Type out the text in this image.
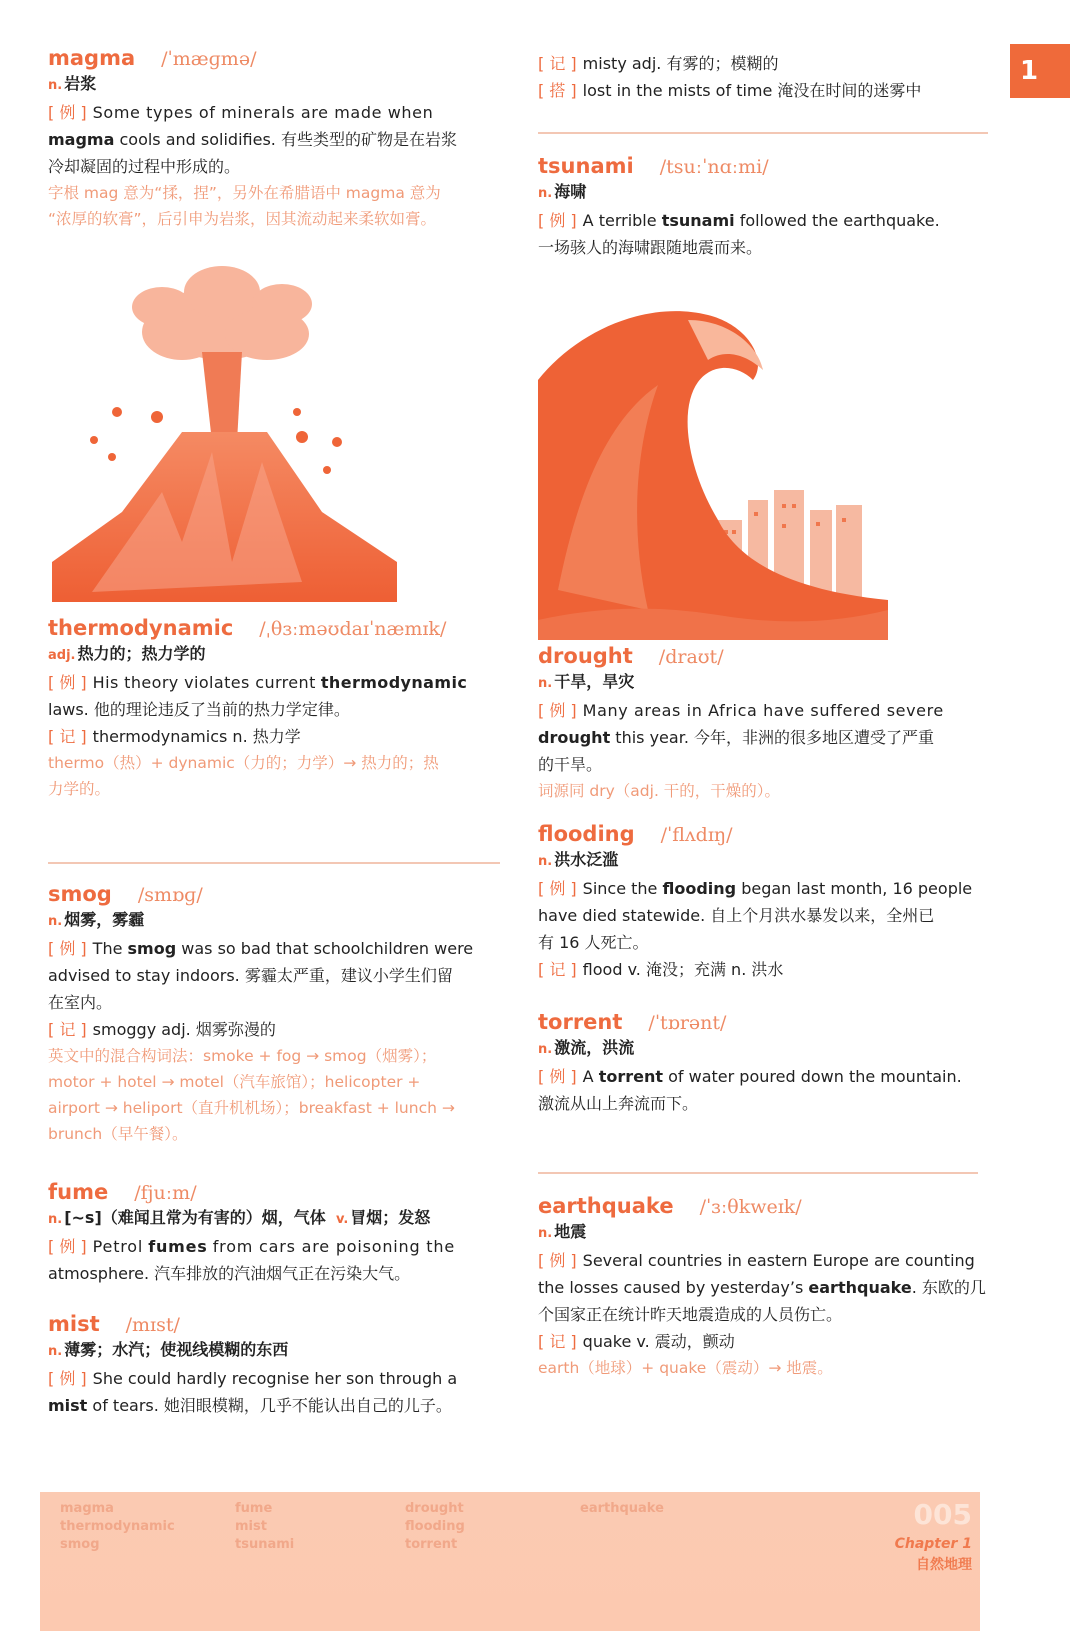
magma /ˈmæɡmə/
n. 岩浆
[ 例 ] Some types of minerals are made when
magma cools and solidifies. 有些类型的矿物是在岩浆
冷却凝固的过程中形成的。
字根 mag 意为“揉，捏”，另外在希腊语中 magma 意为
“浓厚的软膏”，后引申为岩浆，因其流动起来柔软如膏。
thermodynamic /ˌθɜːməʊdaɪˈnæmɪk/
adj. 热力的；热力学的
[ 例 ] His theory violates current thermodynamic
laws. 他的理论违反了当前的热力学定律。
[ 记 ] thermodynamics n. 热力学
thermo（热）+ dynamic（力的；力学）→ 热力的；热
力学的。
smog /smɒɡ/
n. 烟雾，雾霾
[ 例 ] The smog was so bad that schoolchildren were
advised to stay indoors. 雾霾太严重，建议小学生们留
在室内。
[ 记 ] smoggy adj. 烟雾弥漫的
英文中的混合构词法：smoke + fog → smog（烟雾）；
motor + hotel → motel（汽车旅馆）；helicopter +
airport → heliport（直升机机场）；breakfast + lunch →
brunch（早午餐）。
fume /fjuːm/
n. [~s]（难闻且常为有害的）烟，气体 v. 冒烟；发怒
[ 例 ] Petrol fumes from cars are poisoning the
atmosphere. 汽车排放的汽油烟气正在污染大气。
mist /mɪst/
n. 薄雾；水汽；使视线模糊的东西
[ 例 ] She could hardly recognise her son through a
mist of tears. 她泪眼模糊，几乎不能认出自己的儿子。
[ 记 ] misty adj. 有雾的；模糊的
[ 搭 ] lost in the mists of time 淹没在时间的迷雾中
tsunami /tsuːˈnɑːmi/
n. 海啸
[ 例 ] A terrible tsunami followed the earthquake.
一场骇人的海啸跟随地震而来。
drought /draʊt/
n. 干旱，旱灾
[ 例 ] Many areas in Africa have suffered severe
drought this year. 今年，非洲的很多地区遭受了严重
的干旱。
词源同 dry（adj. 干的，干燥的）。
flooding /ˈflʌdɪŋ/
n. 洪水泛滥
[ 例 ] Since the flooding began last month, 16 people
have died statewide. 自上个月洪水暴发以来，全州已
有 16 人死亡。
[ 记 ] flood v. 淹没；充满 n. 洪水
torrent /ˈtɒrənt/
n. 激流，洪流
[ 例 ] A torrent of water poured down the mountain.
激流从山上奔流而下。
earthquake /ˈɜːθkweɪk/
n. 地震
[ 例 ] Several countries in eastern Europe are counting
the losses caused by yesterday’s earthquake. 东欧的几
个国家正在统计昨天地震造成的人员伤亡。
[ 记 ] quake v. 震动，颤动
earth（地球）+ quake（震动）→ 地震。
1
magma
thermodynamic
smog
fume
mist
tsunami
drought
flooding
torrent
earthquake	005
Chapter 1
自然地理
